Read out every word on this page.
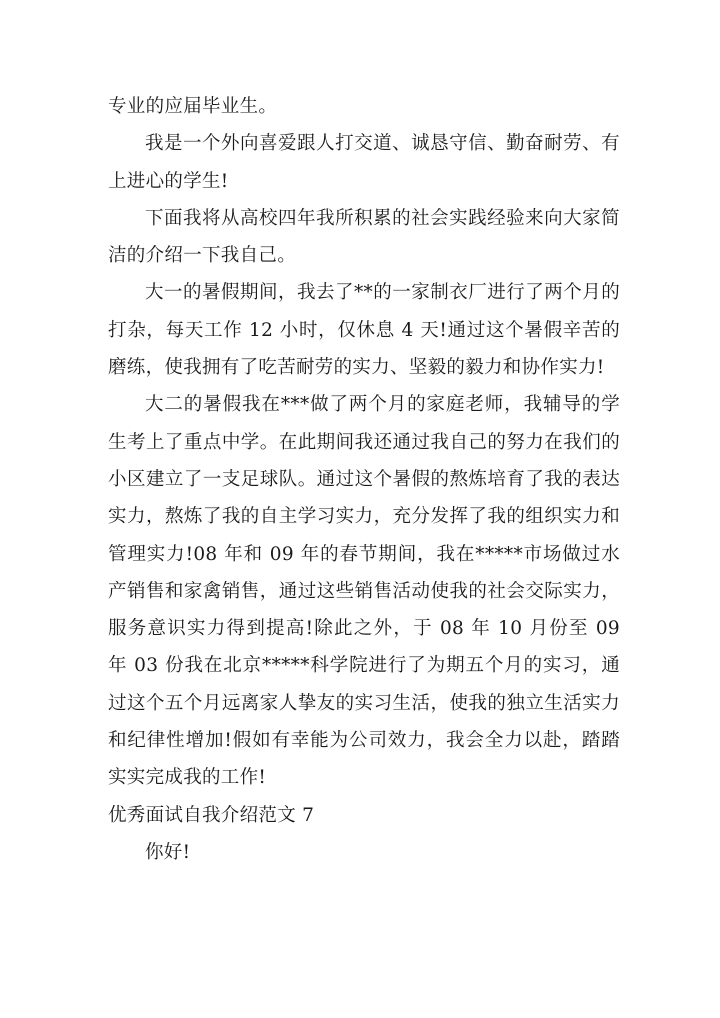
专业的应届毕业生。

我是一个外向喜爱跟人打交道、诚恳守信、勤奋耐劳、有上进心的学生!

下面我将从高校四年我所积累的社会实践经验来向大家简洁的介绍一下我自己。

大一的暑假期间，我去了**的一家制衣厂进行了两个月的打杂，每天工作 12 小时，仅休息 4 天!通过这个暑假辛苦的磨练，使我拥有了吃苦耐劳的实力、坚毅的毅力和协作实力!

大二的暑假我在***做了两个月的家庭老师，我辅导的学生考上了重点中学。在此期间我还通过我自己的努力在我们的小区建立了一支足球队。通过这个暑假的熬炼培育了我的表达实力，熬炼了我的自主学习实力，充分发挥了我的组织实力和管理实力!08 年和 09 年的春节期间，我在*****市场做过水产销售和家禽销售，通过这些销售活动使我的社会交际实力，服务意识实力得到提高!除此之外，于 08 年 10 月份至 09 年 03 份我在北京*****科学院进行了为期五个月的实习，通过这个五个月远离家人挚友的实习生活，使我的独立生活实力和纪律性增加!假如有幸能为公司效力，我会全力以赴，踏踏实实完成我的工作!

优秀面试自我介绍范文 7

你好!
